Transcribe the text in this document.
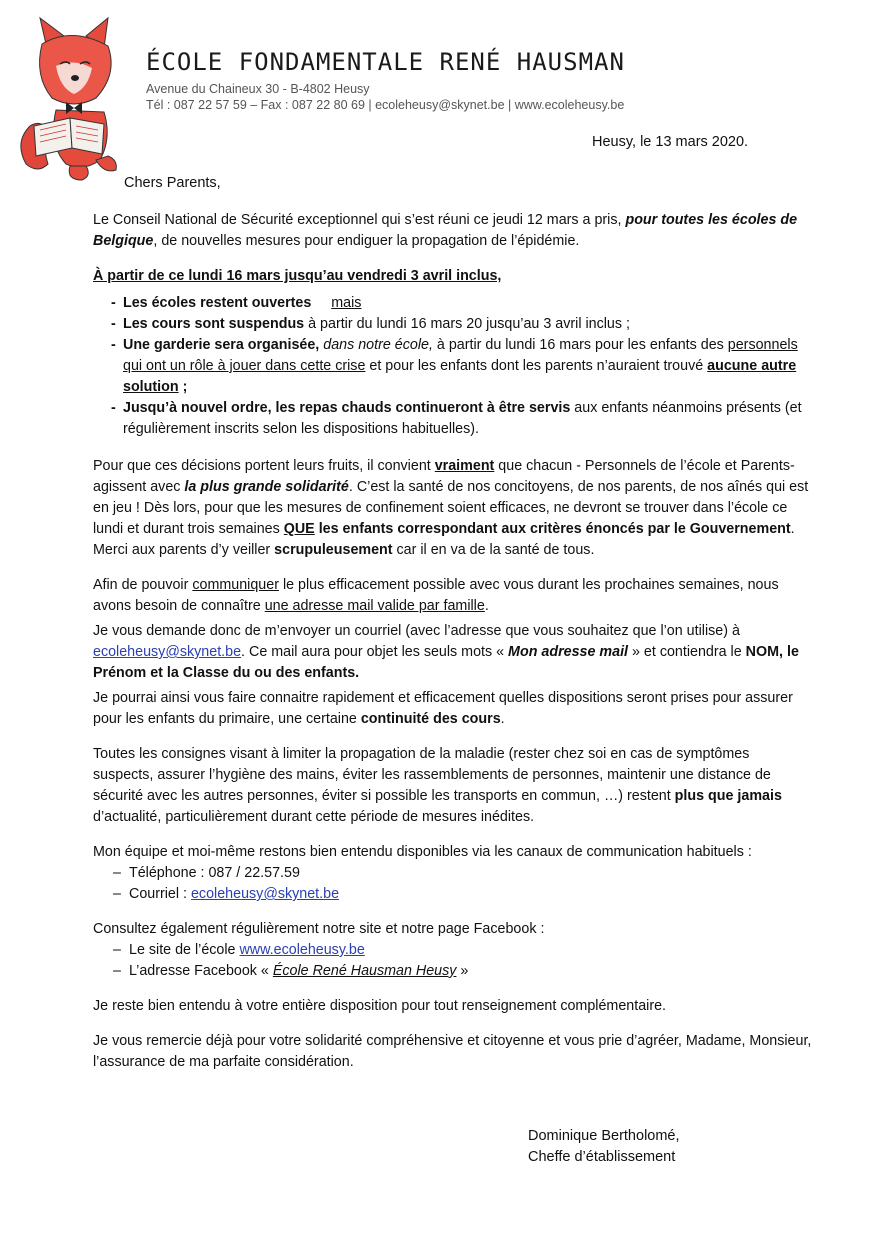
ÉCOLE FONDAMENTALE RENÉ HAUSMAN
Avenue du Chaineux 30 - B-4802 Heusy
Tél : 087 22 57 59 – Fax : 087 22 80 69 | ecoleheusy@skynet.be | www.ecoleheusy.be
Heusy, le 13 mars 2020.
Chers Parents,

Le Conseil National de Sécurité exceptionnel qui s’est réuni ce jeudi 12 mars a pris, pour toutes les écoles de Belgique, de nouvelles mesures pour endiguer la propagation de l’épidémie.

À partir de ce lundi 16 mars jusqu’au vendredi 3 avril inclus,

- Les écoles restent ouvertes mais
- Les cours sont suspendus à partir du lundi 16 mars 20 jusqu’au 3 avril inclus ;
- Une garderie sera organisée, dans notre école, à partir du lundi 16 mars pour les enfants des personnels qui ont un rôle à jouer dans cette crise et pour les enfants dont les parents n’auraient trouvé aucune autre solution ;
- Jusqu’à nouvel ordre, les repas chauds continueront à être servis aux enfants néanmoins présents (et régulièrement inscrits selon les dispositions habituelles).

Pour que ces décisions portent leurs fruits, il convient vraiment que chacun - Personnels de l’école et Parents- agissent avec la plus grande solidarité. C’est la santé de nos concitoyens, de nos parents, de nos aînés qui est en jeu ! Dès lors, pour que les mesures de confinement soient efficaces, ne devront se trouver dans l’école ce lundi et durant trois semaines QUE les enfants correspondant aux critères énoncés par le Gouvernement. Merci aux parents d’y veiller scrupuleusement car il en va de la santé de tous.

Afin de pouvoir communiquer le plus efficacement possible avec vous durant les prochaines semaines, nous avons besoin de connaître une adresse mail valide par famille.

Je vous demande donc de m’envoyer un courriel (avec l’adresse que vous souhaitez que l’on utilise) à ecoleheusy@skynet.be. Ce mail aura pour objet les seuls mots « Mon adresse mail » et contiendra le NOM, le Prénom et la Classe du ou des enfants.

Je pourrai ainsi vous faire connaitre rapidement et efficacement quelles dispositions seront prises pour assurer pour les enfants du primaire, une certaine continuité des cours.

Toutes les consignes visant à limiter la propagation de la maladie (rester chez soi en cas de symptômes suspects, assurer l’hygiène des mains, éviter les rassemblements de personnes, maintenir une distance de sécurité avec les autres personnes, éviter si possible les transports en commun, …) restent plus que jamais d’actualité, particulièrement durant cette période de mesures inédites.

Mon équipe et moi-même restons bien entendu disponibles via les canaux de communication habituels :

– Téléphone : 087 / 22.57.59
– Courriel : ecoleheusy@skynet.be

Consultez également régulièrement notre site et notre page Facebook :

– Le site de l’école www.ecoleheusy.be
– L’adresse Facebook « École René Hausman Heusy »

Je reste bien entendu à votre entière disposition pour tout renseignement complémentaire.

Je vous remercie déjà pour votre solidarité compréhensive et citoyenne et vous prie d’agréer, Madame, Monsieur, l’assurance de ma parfaite considération.

Dominique Bertholomé,
Cheffe d’établissement
